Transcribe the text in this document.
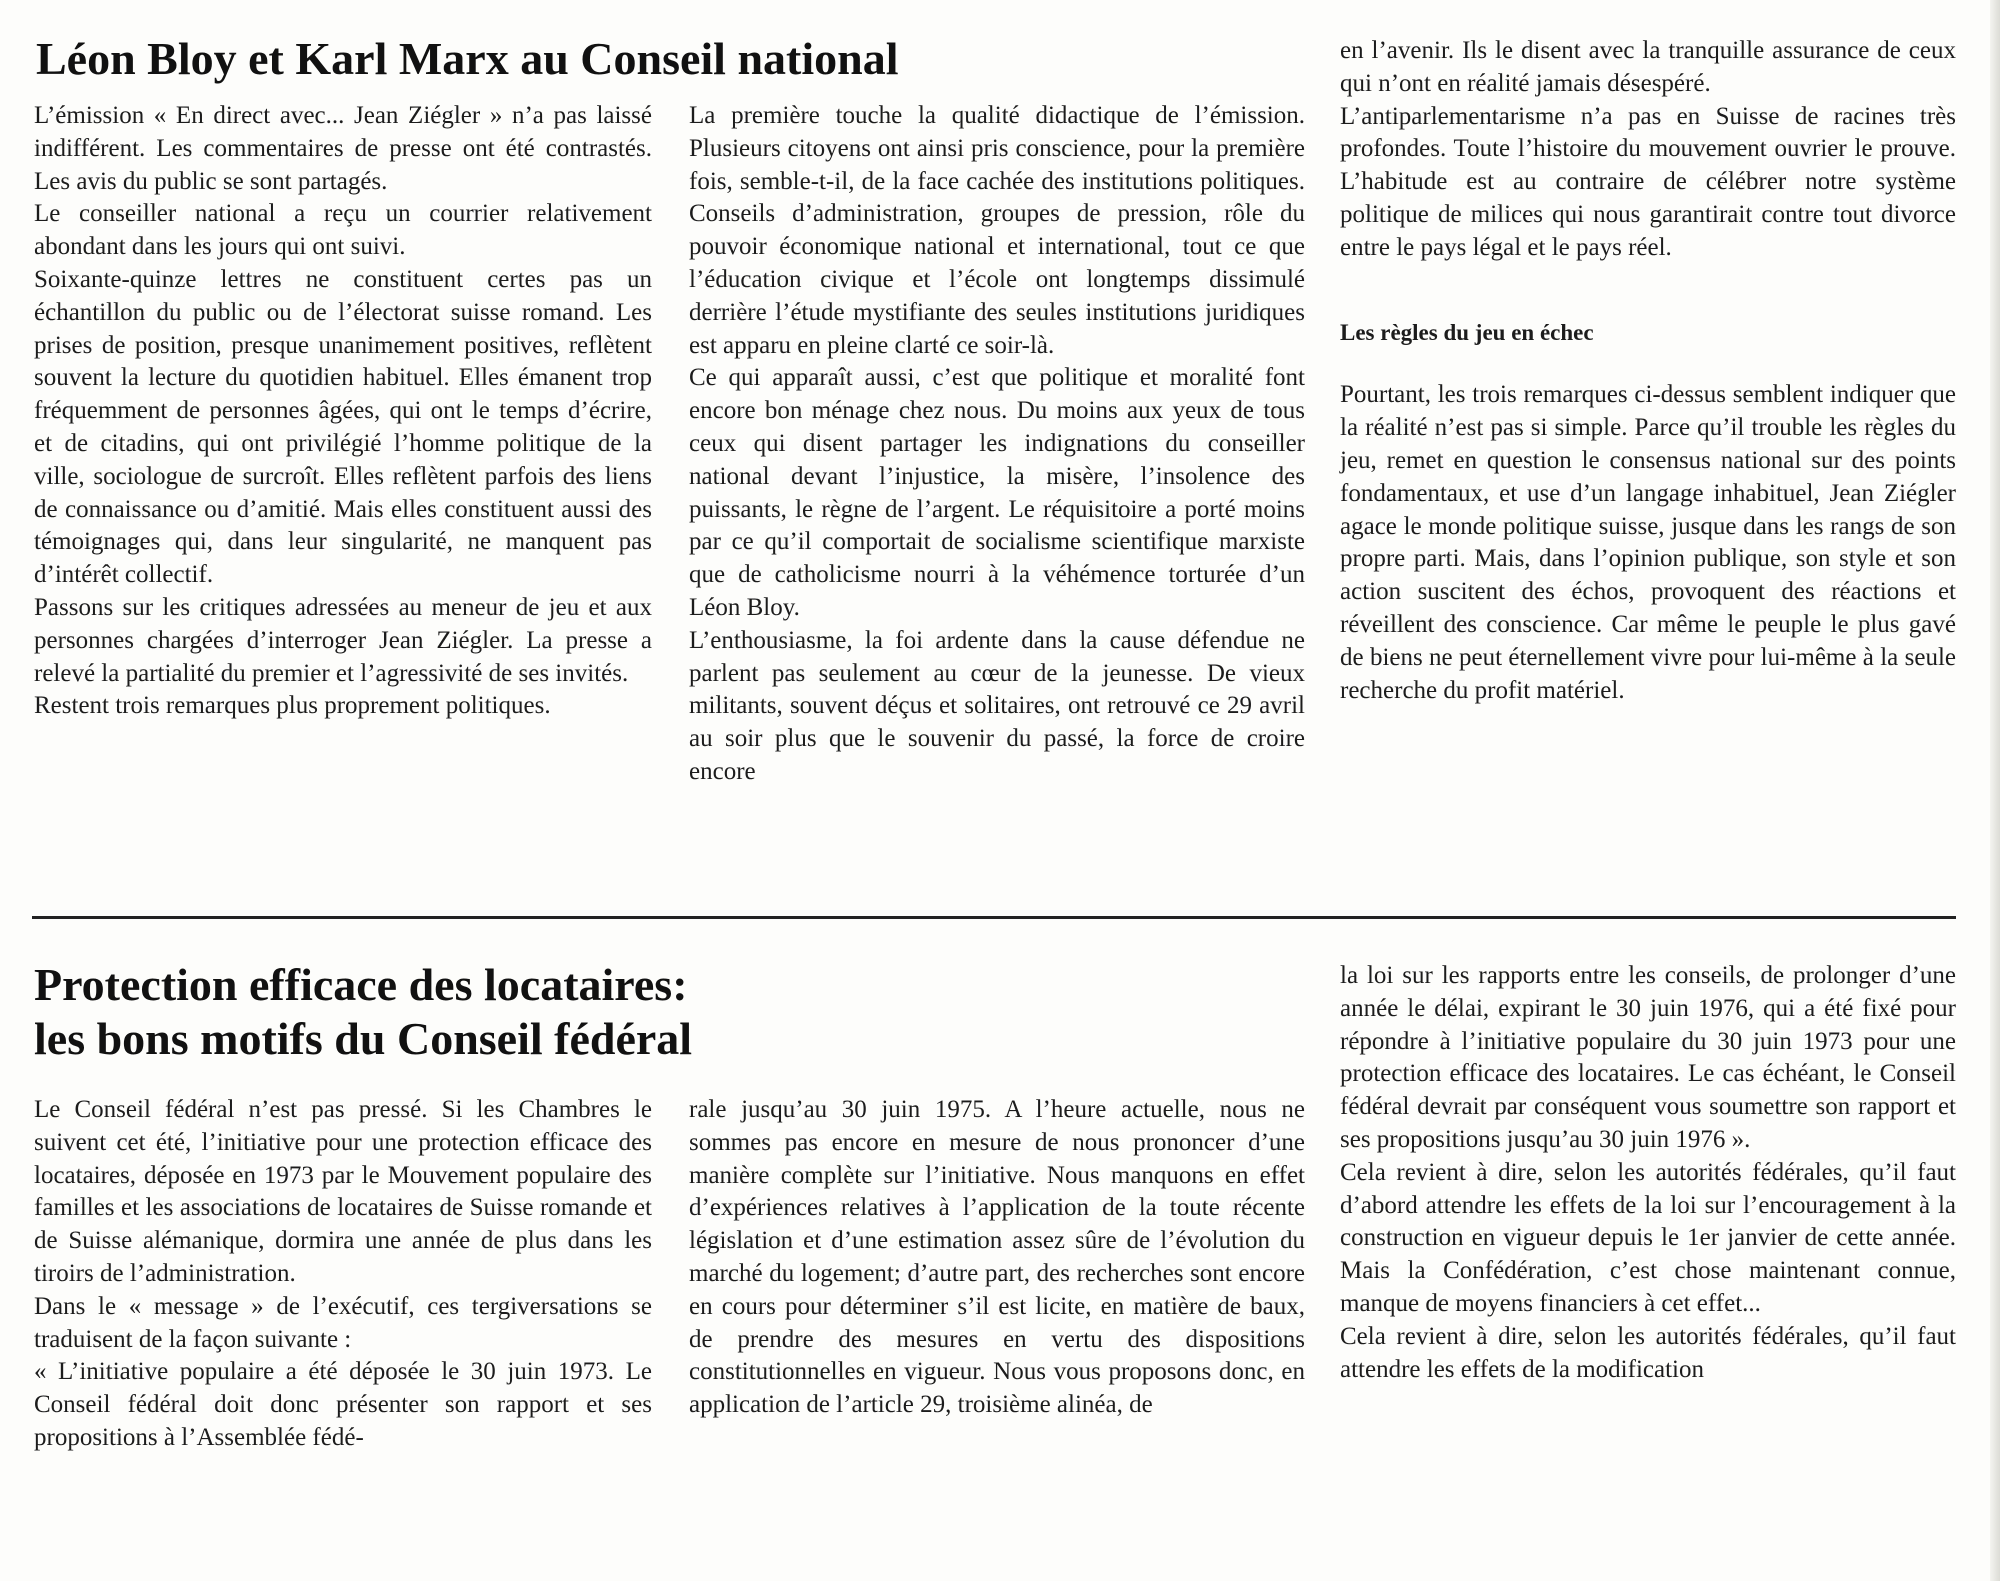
Léon Bloy et Karl Marx au Conseil national

L’émission « En direct avec... Jean Ziégler » n’a pas laissé indifférent. Les commentaires de presse ont été contrastés. Les avis du public se sont partagés.

Le conseiller national a reçu un courrier relativement abondant dans les jours qui ont suivi.

Soixante-quinze lettres ne constituent certes pas un échantillon du public ou de l’électorat suisse romand. Les prises de position, presque unanimement positives, reflètent souvent la lecture du quotidien habituel. Elles émanent trop fréquemment de personnes âgées, qui ont le temps d’écrire, et de citadins, qui ont privilégié l’homme politique de la ville, sociologue de surcroît. Elles reflètent parfois des liens de connaissance ou d’amitié. Mais elles constituent aussi des témoignages qui, dans leur singularité, ne manquent pas d’intérêt collectif.

Passons sur les critiques adressées au meneur de jeu et aux personnes chargées d’interroger Jean Ziégler. La presse a relevé la partialité du premier et l’agressivité de ses invités.

Restent trois remarques plus proprement politiques.

La première touche la qualité didactique de l’émission. Plusieurs citoyens ont ainsi pris conscience, pour la première fois, semble-t-il, de la face cachée des institutions politiques. Conseils d’administration, groupes de pression, rôle du pouvoir économique national et international, tout ce que l’éducation civique et l’école ont longtemps dissimulé derrière l’étude mystifiante des seules institutions juridiques est apparu en pleine clarté ce soir-là.

Ce qui apparaît aussi, c’est que politique et moralité font encore bon ménage chez nous. Du moins aux yeux de tous ceux qui disent partager les indignations du conseiller national devant l’injustice, la misère, l’insolence des puissants, le règne de l’argent. Le réquisitoire a porté moins par ce qu’il comportait de socialisme scientifique marxiste que de catholicisme nourri à la véhémence torturée d’un Léon Bloy.

L’enthousiasme, la foi ardente dans la cause défendue ne parlent pas seulement au cœur de la jeunesse. De vieux militants, souvent déçus et solitaires, ont retrouvé ce 29 avril au soir plus que le souvenir du passé, la force de croire encore

en l’avenir. Ils le disent avec la tranquille assurance de ceux qui n’ont en réalité jamais désespéré.

L’antiparlementarisme n’a pas en Suisse de racines très profondes. Toute l’histoire du mouvement ouvrier le prouve. L’habitude est au contraire de célébrer notre système politique de milices qui nous garantirait contre tout divorce entre le pays légal et le pays réel.

Les règles du jeu en échec

Pourtant, les trois remarques ci-dessus semblent indiquer que la réalité n’est pas si simple. Parce qu’il trouble les règles du jeu, remet en question le consensus national sur des points fondamentaux, et use d’un langage inhabituel, Jean Ziégler agace le monde politique suisse, jusque dans les rangs de son propre parti. Mais, dans l’opinion publique, son style et son action suscitent des échos, provoquent des réactions et réveillent des conscience. Car même le peuple le plus gavé de biens ne peut éternellement vivre pour lui-même à la seule recherche du profit matériel.

Protection efficace des locataires:
les bons motifs du Conseil fédéral

Le Conseil fédéral n’est pas pressé. Si les Chambres le suivent cet été, l’initiative pour une protection efficace des locataires, déposée en 1973 par le Mouvement populaire des familles et les associations de locataires de Suisse romande et de Suisse alémanique, dormira une année de plus dans les tiroirs de l’administration.

Dans le « message » de l’exécutif, ces tergiversations se traduisent de la façon suivante :

« L’initiative populaire a été déposée le 30 juin 1973. Le Conseil fédéral doit donc présenter son rapport et ses propositions à l’Assemblée fédé-

rale jusqu’au 30 juin 1975. A l’heure actuelle, nous ne sommes pas encore en mesure de nous prononcer d’une manière complète sur l’initiative. Nous manquons en effet d’expériences relatives à l’application de la toute récente législation et d’une estimation assez sûre de l’évolution du marché du logement; d’autre part, des recherches sont encore en cours pour déterminer s’il est licite, en matière de baux, de prendre des mesures en vertu des dispositions constitutionnelles en vigueur. Nous vous proposons donc, en application de l’article 29, troisième alinéa, de

la loi sur les rapports entre les conseils, de prolonger d’une année le délai, expirant le 30 juin 1976, qui a été fixé pour répondre à l’initiative populaire du 30 juin 1973 pour une protection efficace des locataires. Le cas échéant, le Conseil fédéral devrait par conséquent vous soumettre son rapport et ses propositions jusqu’au 30 juin 1976 ».

Cela revient à dire, selon les autorités fédérales, qu’il faut d’abord attendre les effets de la loi sur l’encouragement à la construction en vigueur depuis le 1er janvier de cette année. Mais la Confédération, c’est chose maintenant connue, manque de moyens financiers à cet effet...

Cela revient à dire, selon les autorités fédérales, qu’il faut attendre les effets de la modification
